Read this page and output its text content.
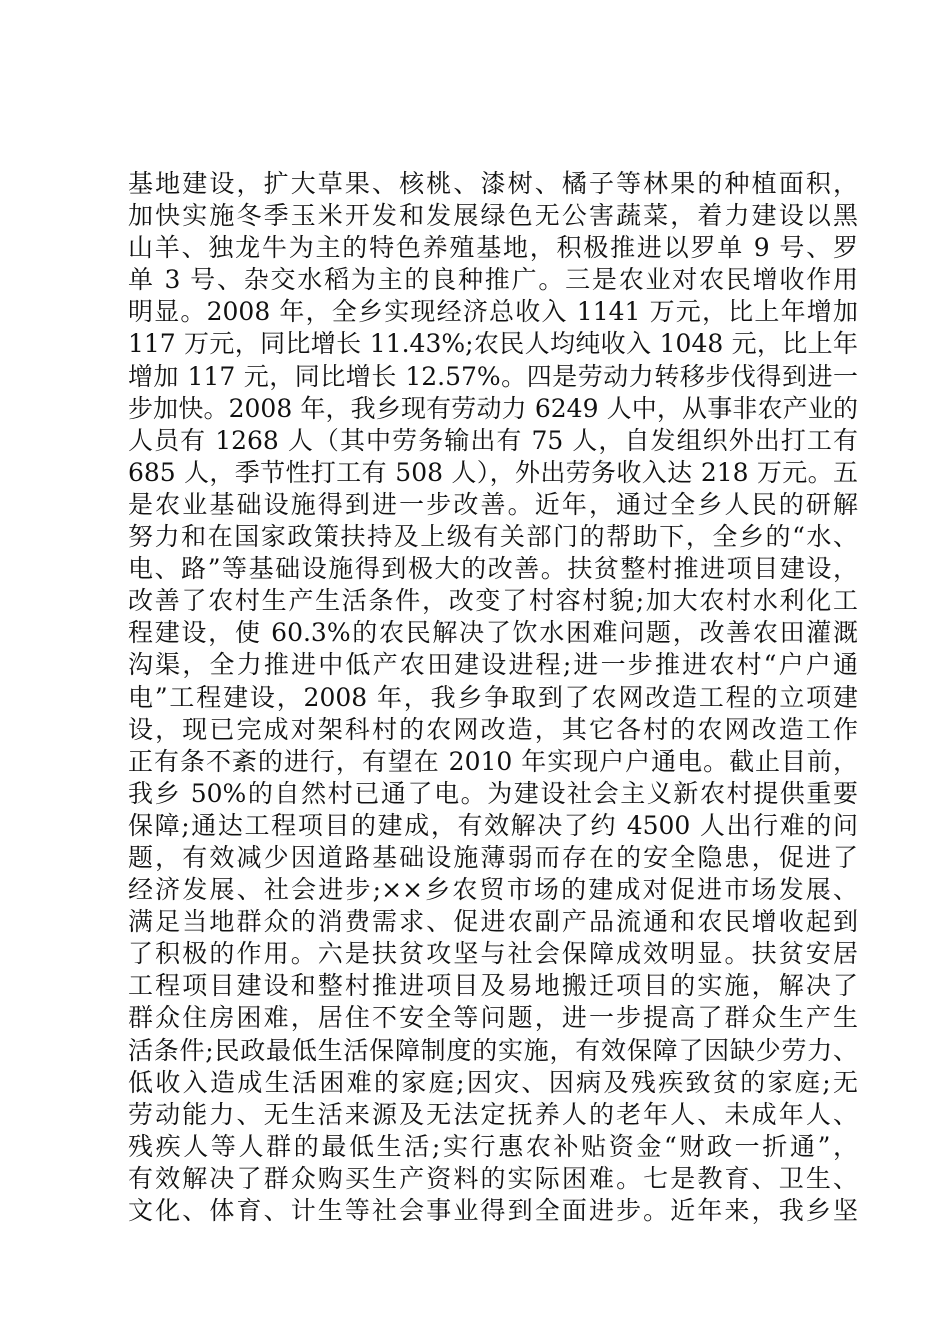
基地建设，扩大草果、核桃、漆树、橘子等林果的种植面积，
加快实施冬季玉米开发和发展绿色无公害蔬菜，着力建设以黑
山羊、独龙牛为主的特色养殖基地，积极推进以罗单 9 号、罗
单 3 号、杂交水稻为主的良种推广。三是农业对农民增收作用
明显。2008 年，全乡实现经济总收入 1141 万元，比上年增加
117 万元，同比增长 11.43%;农民人均纯收入 1048 元，比上年
增加 117 元，同比增长 12.57%。四是劳动力转移步伐得到进一
步加快。2008 年，我乡现有劳动力 6249 人中，从事非农产业的
人员有 1268 人（其中劳务输出有 75 人，自发组织外出打工有
685 人，季节性打工有 508 人），外出劳务收入达 218 万元。五
是农业基础设施得到进一步改善。近年，通过全乡人民的研解
努力和在国家政策扶持及上级有关部门的帮助下，全乡的“水、
电、路”等基础设施得到极大的改善。扶贫整村推进项目建设，
改善了农村生产生活条件，改变了村容村貌;加大农村水利化工
程建设，使 60.3%的农民解决了饮水困难问题，改善农田灌溉
沟渠，全力推进中低产农田建设进程;进一步推进农村“户户通
电”工程建设，2008 年，我乡争取到了农网改造工程的立项建
设，现已完成对架科村的农网改造，其它各村的农网改造工作
正有条不紊的进行，有望在 2010 年实现户户通电。截止目前，
我乡 50%的自然村已通了电。为建设社会主义新农村提供重要
保障;通达工程项目的建成，有效解决了约 4500 人出行难的问
题，有效减少因道路基础设施薄弱而存在的安全隐患，促进了
经济发展、社会进步;××乡农贸市场的建成对促进市场发展、
满足当地群众的消费需求、促进农副产品流通和农民增收起到
了积极的作用。六是扶贫攻坚与社会保障成效明显。扶贫安居
工程项目建设和整村推进项目及易地搬迁项目的实施，解决了
群众住房困难，居住不安全等问题，进一步提高了群众生产生
活条件;民政最低生活保障制度的实施，有效保障了因缺少劳力、
低收入造成生活困难的家庭;因灾、因病及残疾致贫的家庭;无
劳动能力、无生活来源及无法定抚养人的老年人、未成年人、
残疾人等人群的最低生活;实行惠农补贴资金“财政一折通”，
有效解决了群众购买生产资料的实际困难。七是教育、卫生、
文化、体育、计生等社会事业得到全面进步。近年来，我乡坚
